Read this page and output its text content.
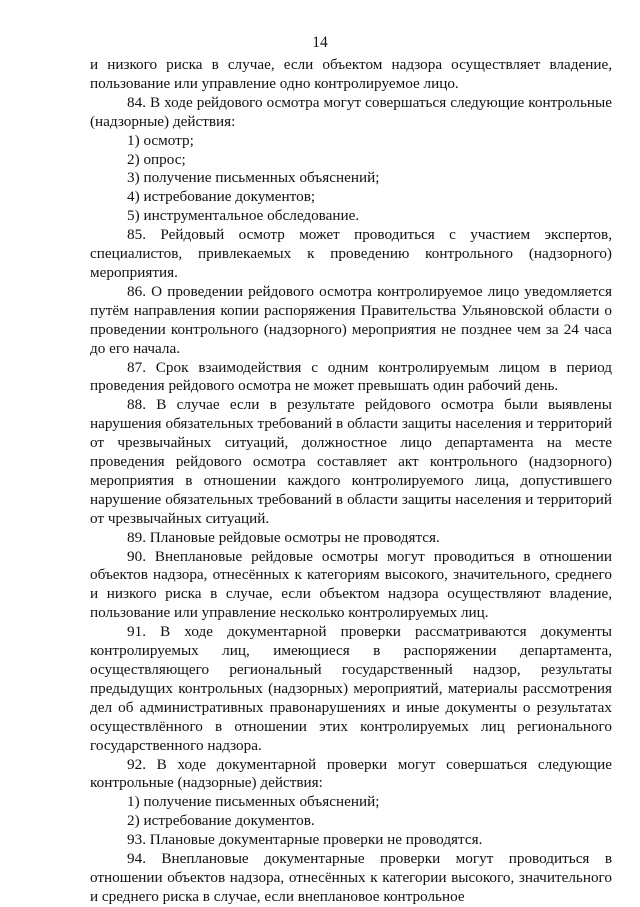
14

и низкого риска в случае, если объектом надзора осуществляет владение, пользование или управление одно контролируемое лицо.

84. В ходе рейдового осмотра могут совершаться следующие контрольные (надзорные) действия:

1) осмотр;

2) опрос;

3) получение письменных объяснений;

4) истребование документов;

5) инструментальное обследование.

85. Рейдовый осмотр может проводиться с участием экспертов, специалистов, привлекаемых к проведению контрольного (надзорного) мероприятия.

86. О проведении рейдового осмотра контролируемое лицо уведомляется путём направления копии распоряжения Правительства Ульяновской области о проведении контрольного (надзорного) мероприятия не позднее чем за 24 часа до его начала.

87. Срок взаимодействия с одним контролируемым лицом в период проведения рейдового осмотра не может превышать один рабочий день.

88. В случае если в результате рейдового осмотра были выявлены нарушения обязательных требований в области защиты населения и территорий от чрезвычайных ситуаций, должностное лицо департамента на месте проведения рейдового осмотра составляет акт контрольного (надзорного) мероприятия в отношении каждого контролируемого лица, допустившего нарушение обязательных требований в области защиты населения и территорий от чрезвычайных ситуаций.

89. Плановые рейдовые осмотры не проводятся.

90. Внеплановые рейдовые осмотры могут проводиться в отношении объектов надзора, отнесённых к категориям высокого, значительного, среднего и низкого риска в случае, если объектом надзора осуществляют владение, пользование или управление несколько контролируемых лиц.

91. В ходе документарной проверки рассматриваются документы контролируемых лиц, имеющиеся в распоряжении департамента, осуществляющего региональный государственный надзор, результаты предыдущих контрольных (надзорных) мероприятий, материалы рассмотрения дел об административных правонарушениях и иные документы о результатах осуществлённого в отношении этих контролируемых лиц регионального государственного надзора.

92. В ходе документарной проверки могут совершаться следующие контрольные (надзорные) действия:

1) получение письменных объяснений;

2) истребование документов.

93. Плановые документарные проверки не проводятся.

94. Внеплановые документарные проверки могут проводиться в отношении объектов надзора, отнесённых к категории высокого, значительного и среднего риска в случае, если внеплановое контрольное
